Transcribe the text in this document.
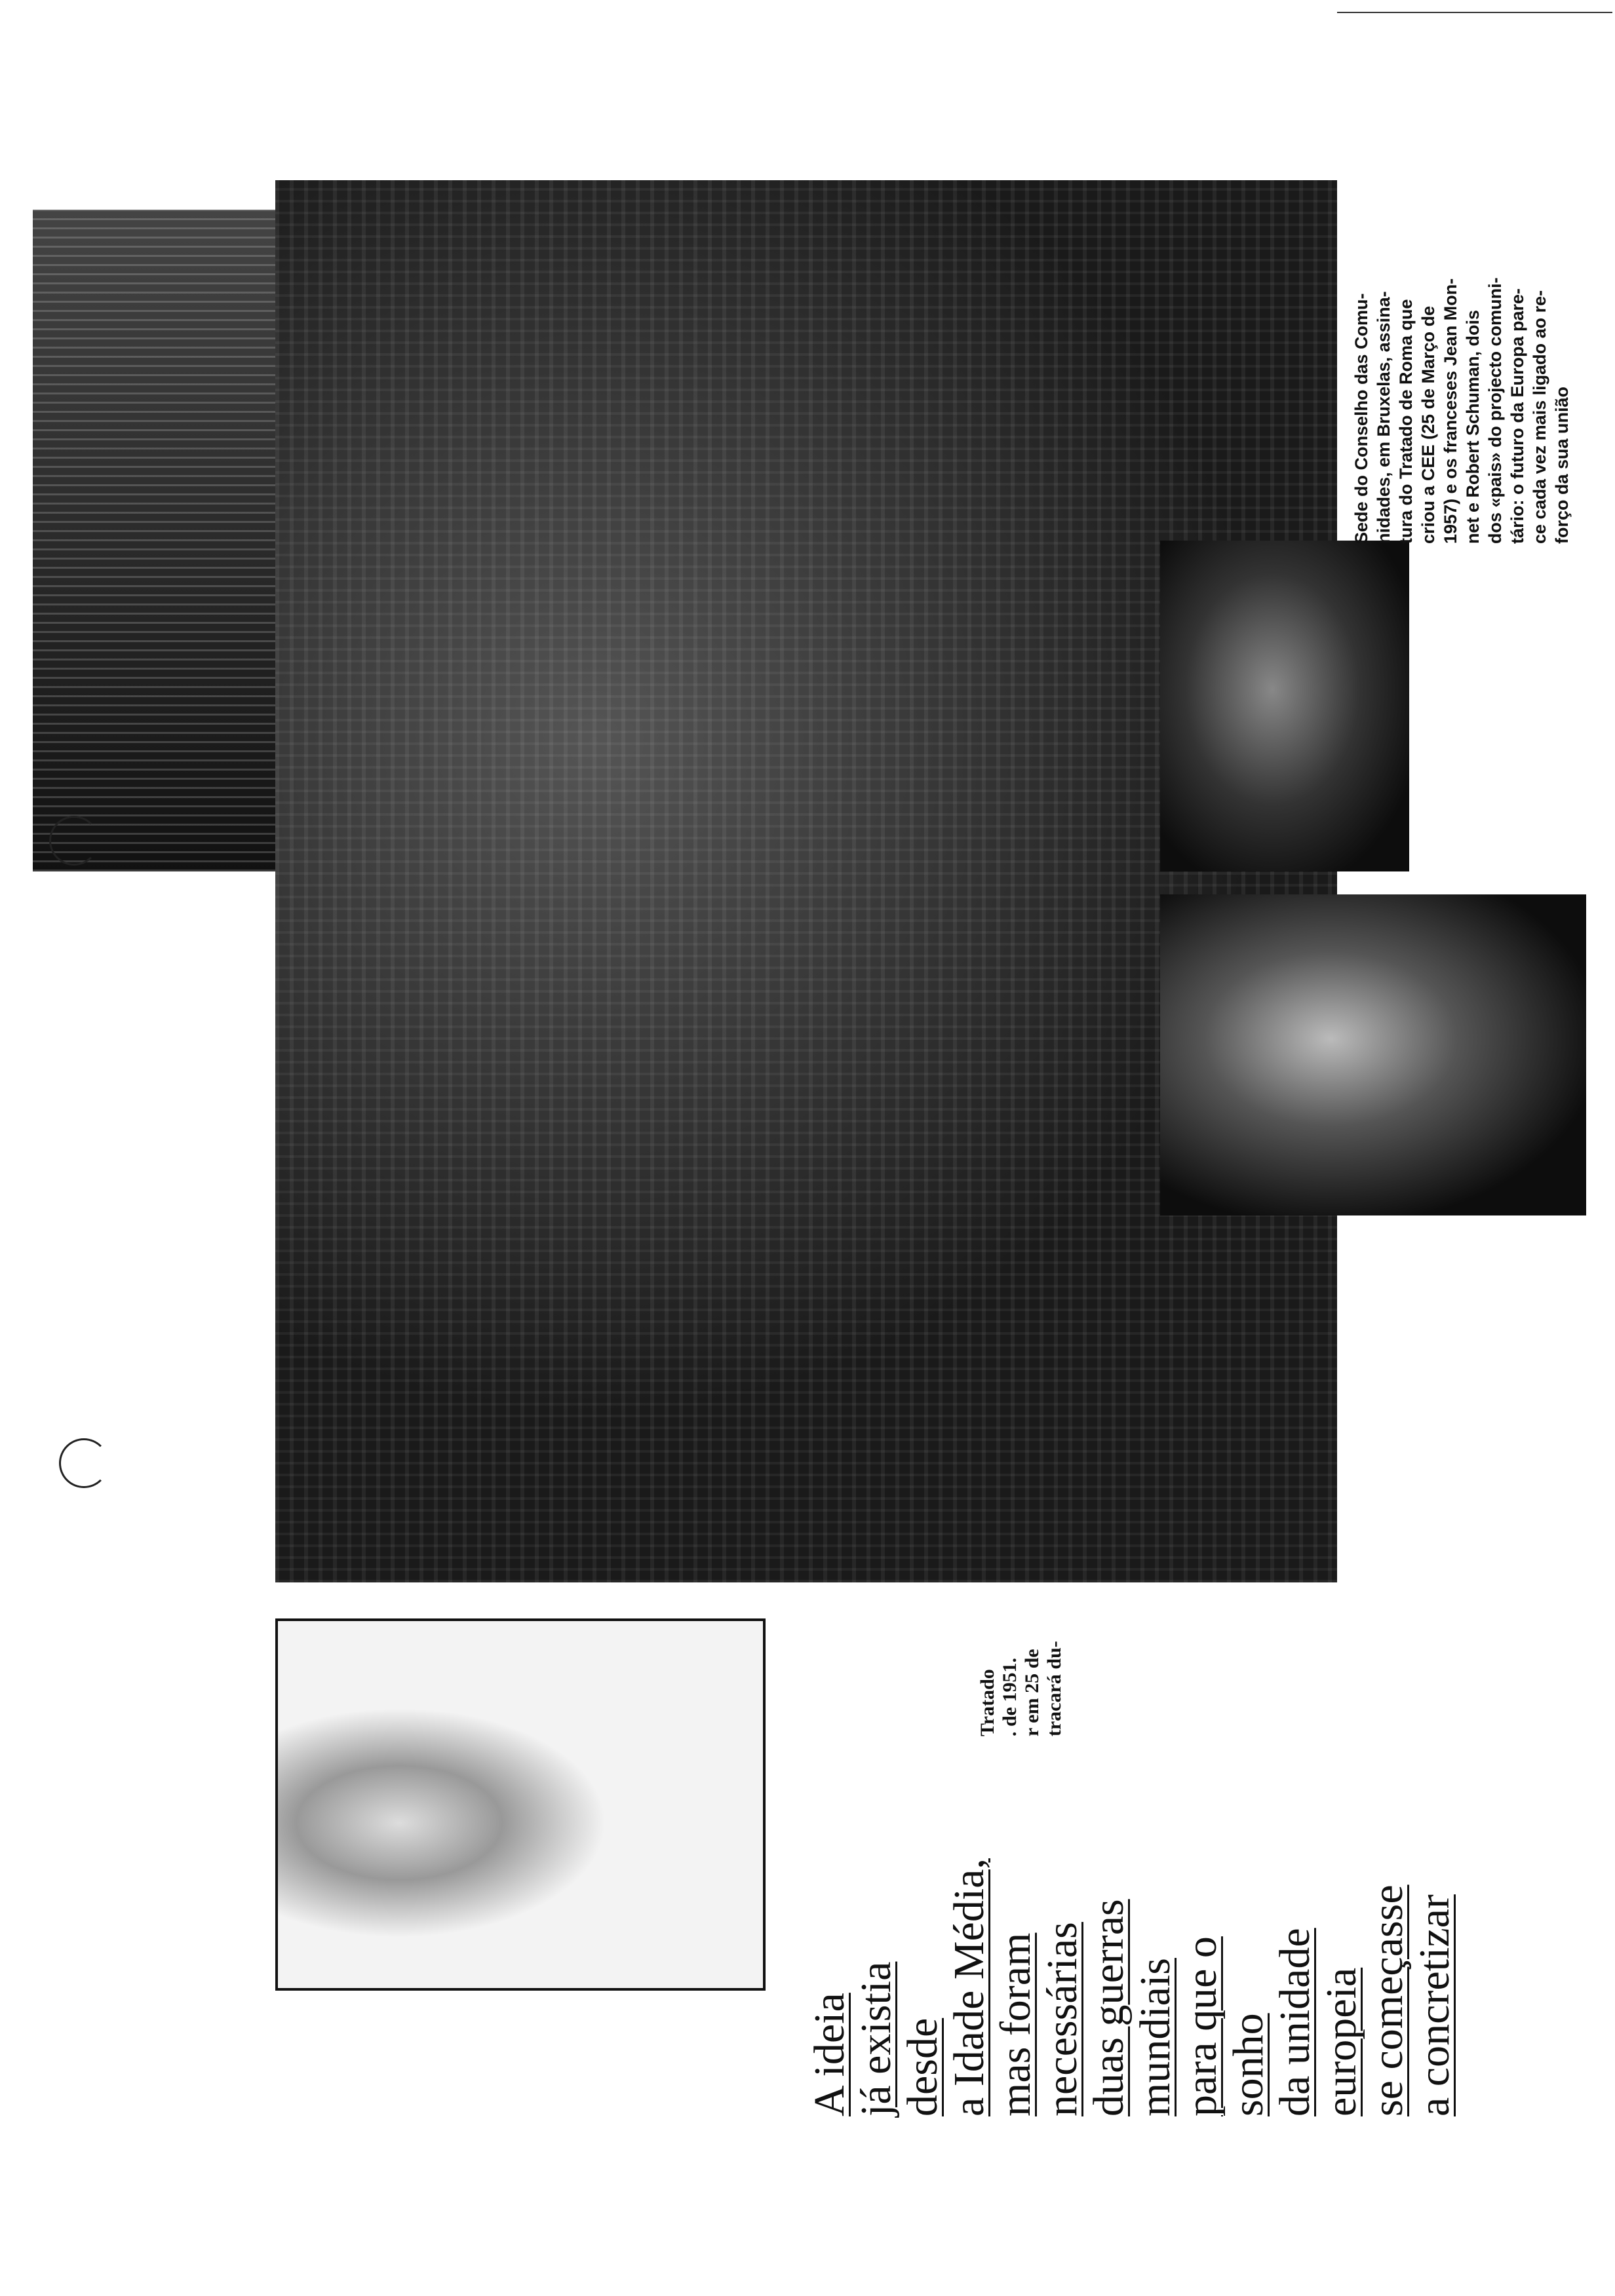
Tratado . de 1951. r em 25 de tracará du-
Sede do Conselho das Comu- nidades, em Bruxelas, assina- tura do Tratado de Roma que criou a CEE (25 de Março de 1957) e os franceses Jean Mon- net e Robert Schuman, dois dos «pais» do projecto comuni- tário: o futuro da Europa pare- ce cada vez mais ligado ao re- forço da sua união
A ideia
já existia
desde
a Idade Média,
mas foram
necessárias
duas guerras
mundiais
para que o
sonho
da unidade
europeia
se começasse
a concretizar
